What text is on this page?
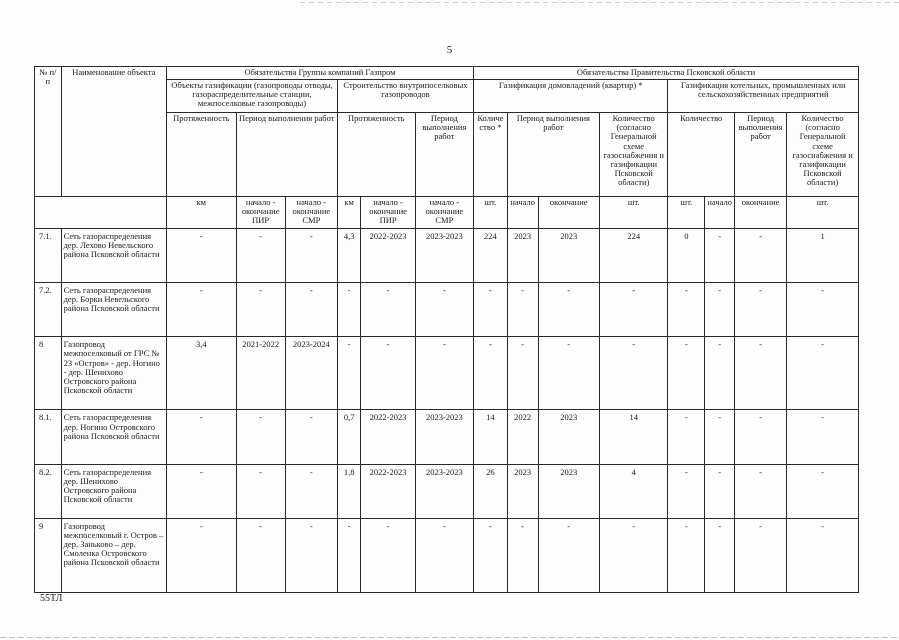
5
№ п/п	Наименование объекта	Обязательства Группы компаний Газпром						Обязательства Правительства Псковской области							
		Объекты газификации (газопроводы отводы, газораспределительные станции, межпоселковые газопроводы)			Строительство внутрипоселковых газопроводов			Газификация домовладений (квартир) *				Газификация котельных, промышленных или сельскохозяйственных предприятий			
		Протяженность	Период выполнения работ		Протяженность		Период выполнения работ	Количество *	Период выполнения работ		Количество (согласно Генеральной схеме газоснабжения и газификации Псковской области)	Количество		Период выполнения работ	Количество (согласно Генеральной схеме газоснабжения и газификации Псковской области)
		км	начало - окончание ПИР	начало - окончание СМР	км	начало - окончание ПИР	начало - окончание СМР	шт.	начало	окончание	шт.	шт.	начало	окончание	шт.
7.1.	Сеть газораспределения дер. Лехово Невельского района Псковской области	-	-	-	4,3	2022-2023	2023-2023	224	2023	2023	224	0	-	-	1
7.2.	Сеть газораспределения дер. Борки Невельского района Псковской области	-	-	-	-	-	-	-	-	-	-	-	-	-	-
8	Газопровод межпоселковый от ГРС № 23 «Остров» - дер. Ногино - дер. Шенихово Островского района Псковской области	3,4	2021-2022	2023-2024	-	-	-	-	-	-	-	-	-	-	-
8.1.	Сеть газораспределения дер. Ногино Островского района Псковской области	-	-	-	0,7	2022-2023	2023-2023	14	2022	2023	14	-	-	-	-
8.2.	Сеть газораспределения дер. Шенихово Островского района Псковской области	-	-	-	1,8	2022-2023	2023-2023	26	2023	2023	4	-	-	-	-
9	Газопровод межпоселковый г. Остров – дер. Заньково – дер. Смоленка Островского района Псковской области	-	-	-	-	-	-	-	-	-	-	-	-	-	-
55ТЛ
